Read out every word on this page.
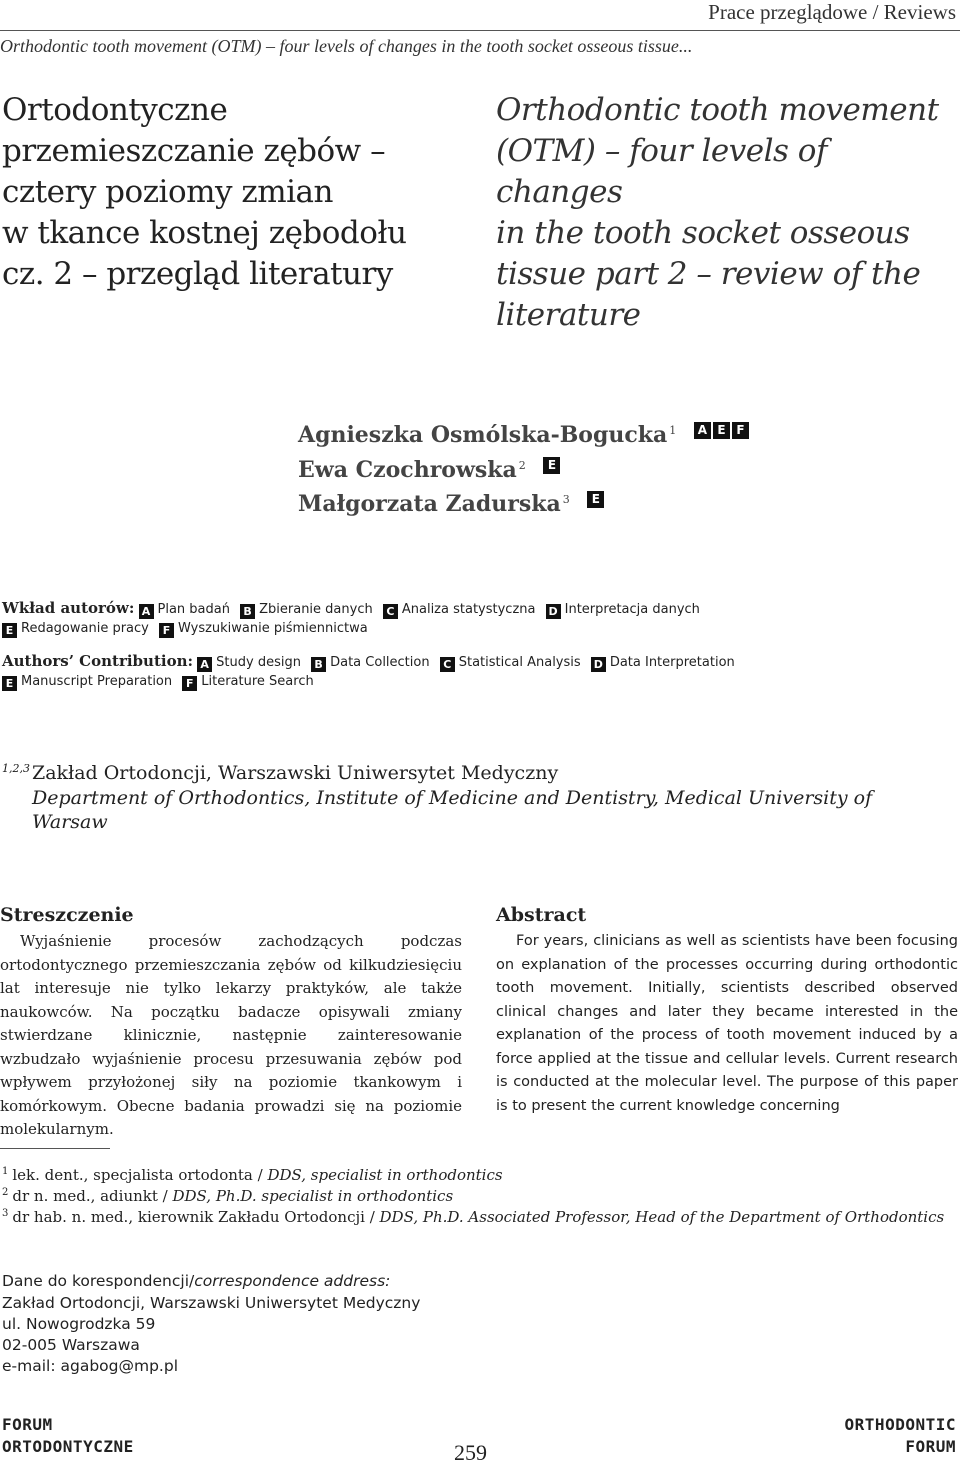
Prace przeglądowe / Reviews
Orthodontic tooth movement (OTM) – four levels of changes in the tooth socket osseous tissue...
Ortodontyczne
przemieszczanie zębów –
cztery poziomy zmian
w tkance kostnej zębodołu
cz. 2 – przegląd literatury
Orthodontic tooth movement
(OTM) – four levels of changes
in the tooth socket osseous
tissue part 2 – review of the
literature
Agnieszka Osmólska-Bogucka $^1$	A E F
Ewa Czochrowska $^2$	E
Małgorzata Zadurska $^3$	E
Wkład autorów: A Plan badań B Zbieranie danych C Analiza statystyczna D Interpretacja danych
E Redagowanie pracy F Wyszukiwanie piśmiennictwa
Authors’ Contribution: A Study design B Data Collection C Statistical Analysis D Data Interpretation
E Manuscript Preparation F Literature Search
1,2,3 Zakład Ortodoncji, Warszawski Uniwersytet Medyczny
Department of Orthodontics, Institute of Medicine and Dentistry, Medical University of Warsaw
Streszczenie

Wyjaśnienie procesów zachodzących podczas ortodontycznego przemieszczania zębów od kilkudziesięciu lat interesuje nie tylko lekarzy praktyków, ale także naukowców. Na początku badacze opisywali zmiany stwierdzane klinicznie, następnie zainteresowanie wzbudzało wyjaśnienie procesu przesuwania zębów pod wpływem przyłożonej siły na poziomie tkankowym i komórkowym. Obecne badania prowadzi się na poziomie molekularnym.

Abstract

For years, clinicians as well as scientists have been focusing on explanation of the processes occurring during orthodontic tooth movement. Initially, scientists described observed clinical changes and later they became interested in the explanation of the process of tooth movement induced by a force applied at the tissue and cellular levels. Current research is conducted at the molecular level. The purpose of this paper is to present the current knowledge concerning

$^1$ lek. dent., specjalista ortodonta / DDS, specialist in orthodontics
$^2$ dr n. med., adiunkt / DDS, Ph.D. specialist in orthodontics
$^3$ dr hab. n. med., kierownik Zakładu Ortodoncji / DDS, Ph.D. Associated Professor, Head of the Department of Orthodontics
Dane do korespondencji/correspondence address:
Zakład Ortodoncji, Warszawski Uniwersytet Medyczny
ul. Nowogrodzka 59
02-005 Warszawa
e-mail: agabog@mp.pl
FORUM
ORTODONTYCZNE	259
ORTHODONTIC
FORUM
